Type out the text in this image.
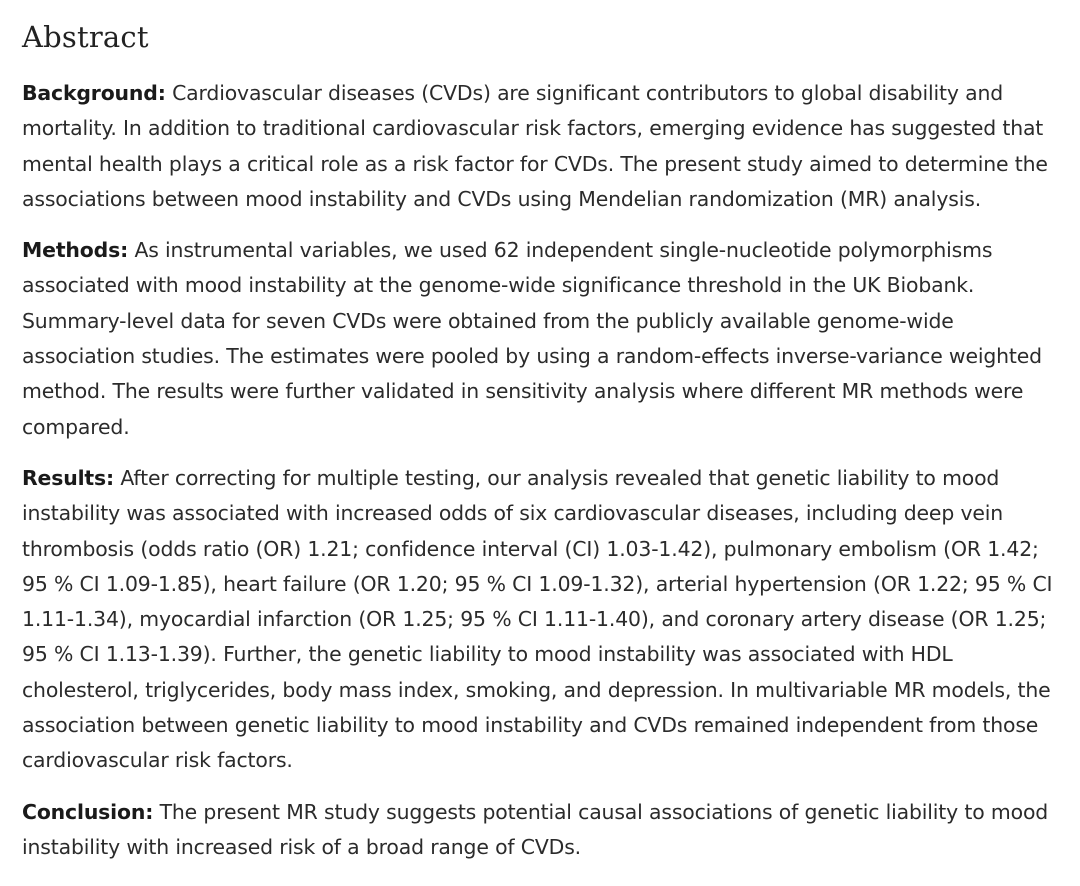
Abstract

Background: Cardiovascular diseases (CVDs) are significant contributors to global disability and mortality. In addition to traditional cardiovascular risk factors, emerging evidence has suggested that mental health plays a critical role as a risk factor for CVDs. The present study aimed to determine the associations between mood instability and CVDs using Mendelian randomization (MR) analysis.

Methods: As instrumental variables, we used 62 independent single-nucleotide polymorphisms associated with mood instability at the genome-wide significance threshold in the UK Biobank. Summary-level data for seven CVDs were obtained from the publicly available genome-wide association studies. The estimates were pooled by using a random-effects inverse-variance weighted method. The results were further validated in sensitivity analysis where different MR methods were compared.

Results: After correcting for multiple testing, our analysis revealed that genetic liability to mood instability was associated with increased odds of six cardiovascular diseases, including deep vein thrombosis (odds ratio (OR) 1.21; confidence interval (CI) 1.03-1.42), pulmonary embolism (OR 1.42; 95 % CI 1.09-1.85), heart failure (OR 1.20; 95 % CI 1.09-1.32), arterial hypertension (OR 1.22; 95 % CI 1.11-1.34), myocardial infarction (OR 1.25; 95 % CI 1.11-1.40), and coronary artery disease (OR 1.25; 95 % CI 1.13-1.39). Further, the genetic liability to mood instability was associated with HDL cholesterol, triglycerides, body mass index, smoking, and depression. In multivariable MR models, the association between genetic liability to mood instability and CVDs remained independent from those cardiovascular risk factors.

Conclusion: The present MR study suggests potential causal associations of genetic liability to mood instability with increased risk of a broad range of CVDs.
